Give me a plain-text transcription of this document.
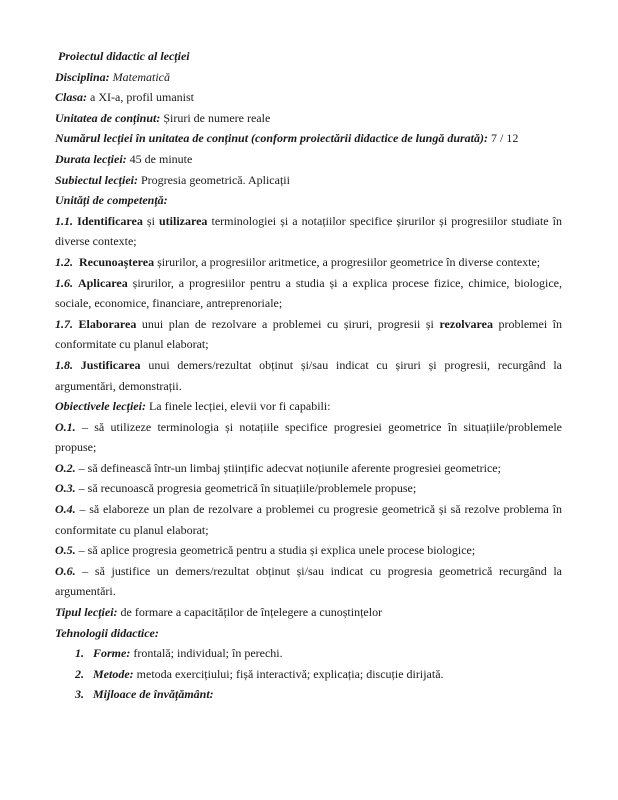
Proiectul didactic al lecției

Disciplina: Matematică

Clasa: a XI-a, profil umanist

Unitatea de conținut: Șiruri de numere reale

Numărul lecției în unitatea de conținut (conform proiectării didactice de lungă durată): 7 / 12

Durata lecției: 45 de minute

Subiectul lecției: Progresia geometrică. Aplicații

Unități de competență:

1.1. Identificarea și utilizarea terminologiei și a notațiilor specifice șirurilor și progresiilor studiate în diverse contexte;

1.2. Recunoașterea șirurilor, a progresiilor aritmetice, a progresiilor geometrice în diverse contexte;

1.6. Aplicarea șirurilor, a progresiilor pentru a studia și a explica procese fizice, chimice, biologice, sociale, economice, financiare, antreprenoriale;

1.7. Elaborarea unui plan de rezolvare a problemei cu șiruri, progresii și rezolvarea problemei în conformitate cu planul elaborat;

1.8. Justificarea unui demers/rezultat obținut și/sau indicat cu șiruri și progresii, recurgând la argumentări, demonstrații.

Obiectivele lecției: La finele lecției, elevii vor fi capabili:

O.1. – să utilizeze terminologia și notațiile specifice progresiei geometrice în situațiile/problemele propuse;

O.2. – să definească într-un limbaj științific adecvat noțiunile aferente progresiei geometrice;

O.3. – să recunoască progresia geometrică în situațiile/problemele propuse;

O.4. – să elaboreze un plan de rezolvare a problemei cu progresie geometrică și să rezolve problema în conformitate cu planul elaborat;

O.5. – să aplice progresia geometrică pentru a studia și explica unele procese biologice;

O.6. – să justifice un demers/rezultat obținut și/sau indicat cu progresia geometrică recurgând la argumentări.

Tipul lecției: de formare a capacităților de înțelegere a cunoștințelor

Tehnologii didactice:

1. Forme: frontală; individual; în perechi.
2. Metode: metoda exercițiului; fișă interactivă; explicația; discuție dirijată.
3. Mijloace de învățământ:
